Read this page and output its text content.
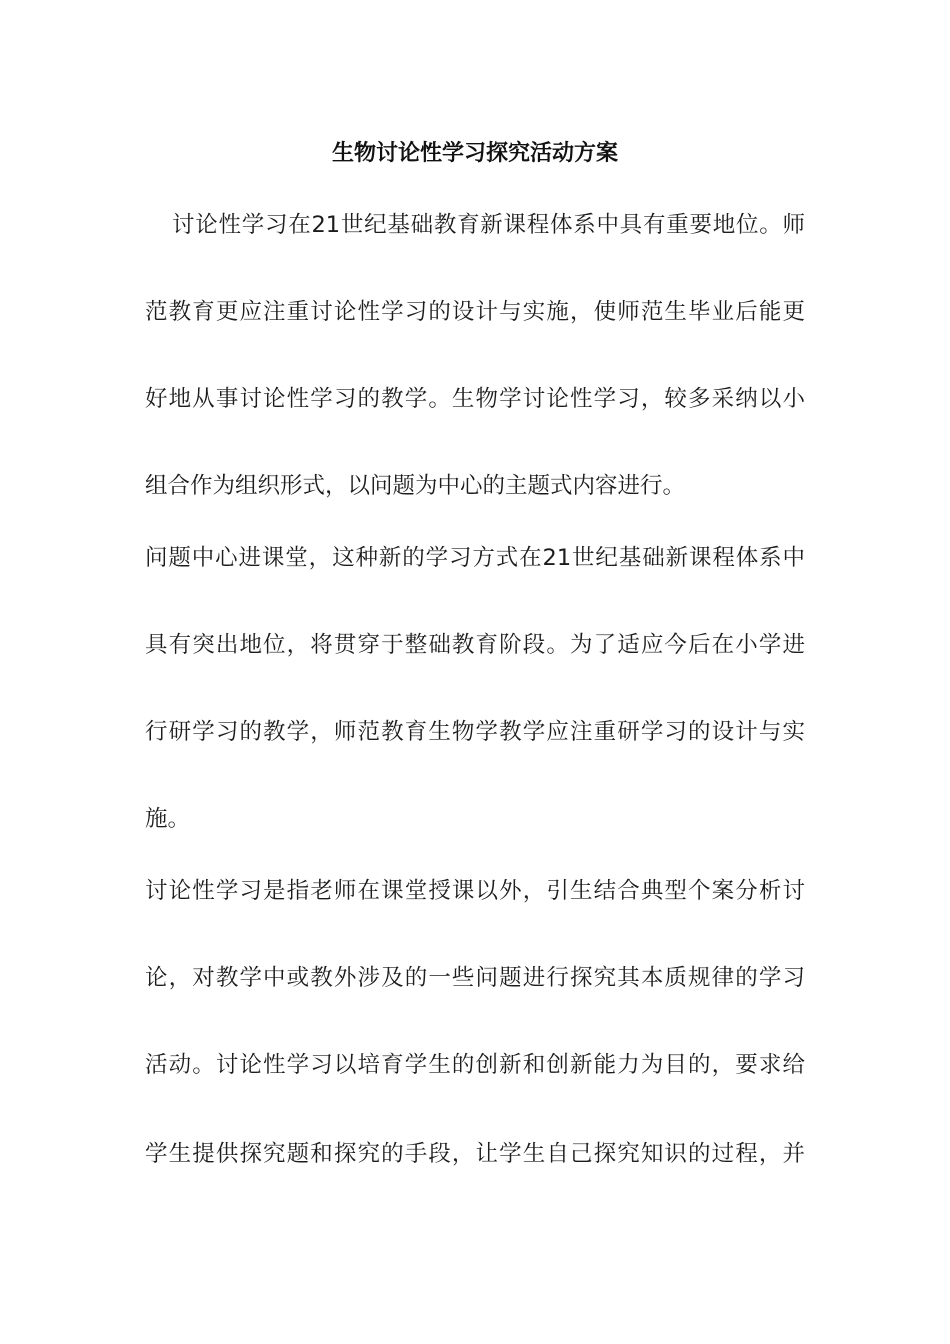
生物讨论性学习探究活动方案
讨论性学习在21世纪基础教育新课程体系中具有重要地位。师
范教育更应注重讨论性学习的设计与实施，使师范生毕业后能更
好地从事讨论性学习的教学。生物学讨论性学习，较多采纳以小
组合作为组织形式，以问题为中心的主题式内容进行。
问题中心进课堂，这种新的学习方式在21世纪基础新课程体系中
具有突出地位，将贯穿于整础教育阶段。为了适应今后在小学进
行研学习的教学，师范教育生物学教学应注重研学习的设计与实
施。
讨论性学习是指老师在课堂授课以外，引生结合典型个案分析讨
论，对教学中或教外涉及的一些问题进行探究其本质规律的学习
活动。讨论性学习以培育学生的创新和创新能力为目的，要求给
学生提供探究题和探究的手段，让学生自己探究知识的过程，并
